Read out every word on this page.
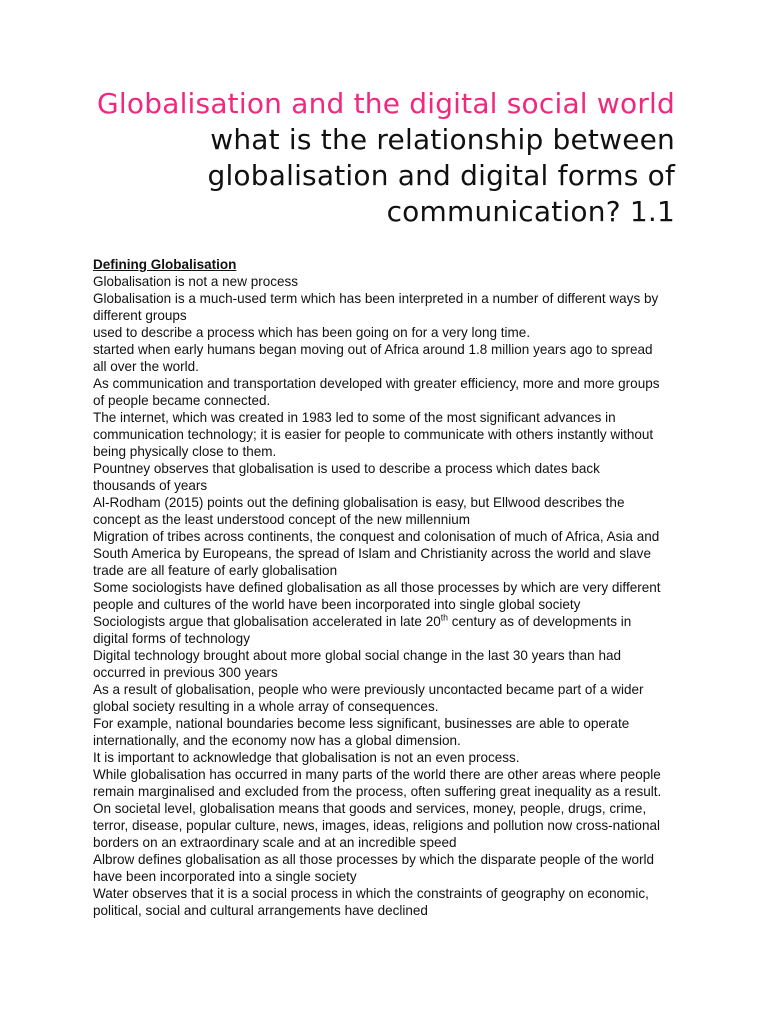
Globalisation and the digital social world
what is the relationship between globalisation and digital forms of communication? 1.1
Defining Globalisation

Globalisation is not a new process

Globalisation is a much-used term which has been interpreted in a number of different ways by different groups

used to describe a process which has been going on for a very long time.

started when early humans began moving out of Africa around 1.8 million years ago to spread all over the world.

As communication and transportation developed with greater efficiency, more and more groups of people became connected.

The internet, which was created in 1983 led to some of the most significant advances in communication technology; it is easier for people to communicate with others instantly without being physically close to them.

Pountney observes that globalisation is used to describe a process which dates back thousands of years

Al-Rodham (2015) points out the defining globalisation is easy, but Ellwood describes the concept as the least understood concept of the new millennium

Migration of tribes across continents, the conquest and colonisation of much of Africa, Asia and South America by Europeans, the spread of Islam and Christianity across the world and slave trade are all feature of early globalisation

Some sociologists have defined globalisation as all those processes by which are very different people and cultures of the world have been incorporated into single global society

Sociologists argue that globalisation accelerated in late 20th century as of developments in digital forms of technology

Digital technology brought about more global social change in the last 30 years than had occurred in previous 300 years

As a result of globalisation, people who were previously uncontacted became part of a wider global society resulting in a whole array of consequences.

For example, national boundaries become less significant, businesses are able to operate internationally, and the economy now has a global dimension.

It is important to acknowledge that globalisation is not an even process.

While globalisation has occurred in many parts of the world there are other areas where people remain marginalised and excluded from the process, often suffering great inequality as a result.

On societal level, globalisation means that goods and services, money, people, drugs, crime, terror, disease, popular culture, news, images, ideas, religions and pollution now cross-national borders on an extraordinary scale and at an incredible speed

Albrow defines globalisation as all those processes by which the disparate people of the world have been incorporated into a single society

Water observes that it is a social process in which the constraints of geography on economic, political, social and cultural arrangements have declined
